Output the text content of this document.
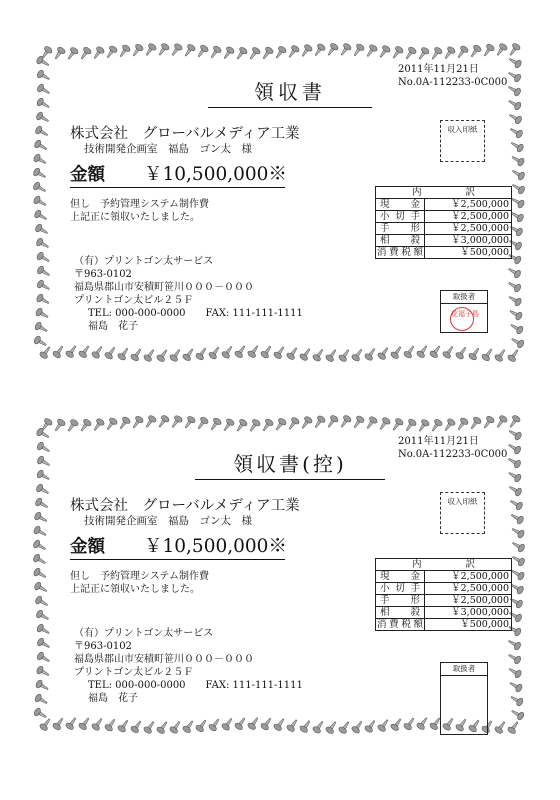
2011年11月21日
No.0A-112233-0C000
領収書
株式会社　グローバルメディア工業
技術開発企画室　福島　ゴン太　様
収入印紙
金額 ￥10,500,000※
但し　予約管理システム制作費
上記正に領収いたしました。
（有）プリントゴン太サービス
〒963-0102
福島県郡山市安積町笹川０００－０００
プリントゴン太ビル２５Ｆ
TEL: 000-000-0000　　FAX: 111-111-1111
福島　花子
内訳	
現金	￥2,500,000
小切手	￥2,500,000
手形	￥2,500,000
相殺	￥3,000,000
消費税額	￥500,000
取扱者
花福子島
2011年11月21日
No.0A-112233-0C000
領収書(控)
株式会社　グローバルメディア工業
技術開発企画室　福島　ゴン太　様
収入印紙
金額 ￥10,500,000※
但し　予約管理システム制作費
上記正に領収いたしました。
（有）プリントゴン太サービス
〒963-0102
福島県郡山市安積町笹川０００－０００
プリントゴン太ビル２５Ｆ
TEL: 000-000-0000　　FAX: 111-111-1111
福島　花子
内訳	
現金	￥2,500,000
小切手	￥2,500,000
手形	￥2,500,000
相殺	￥3,000,000
消費税額	￥500,000
取扱者
